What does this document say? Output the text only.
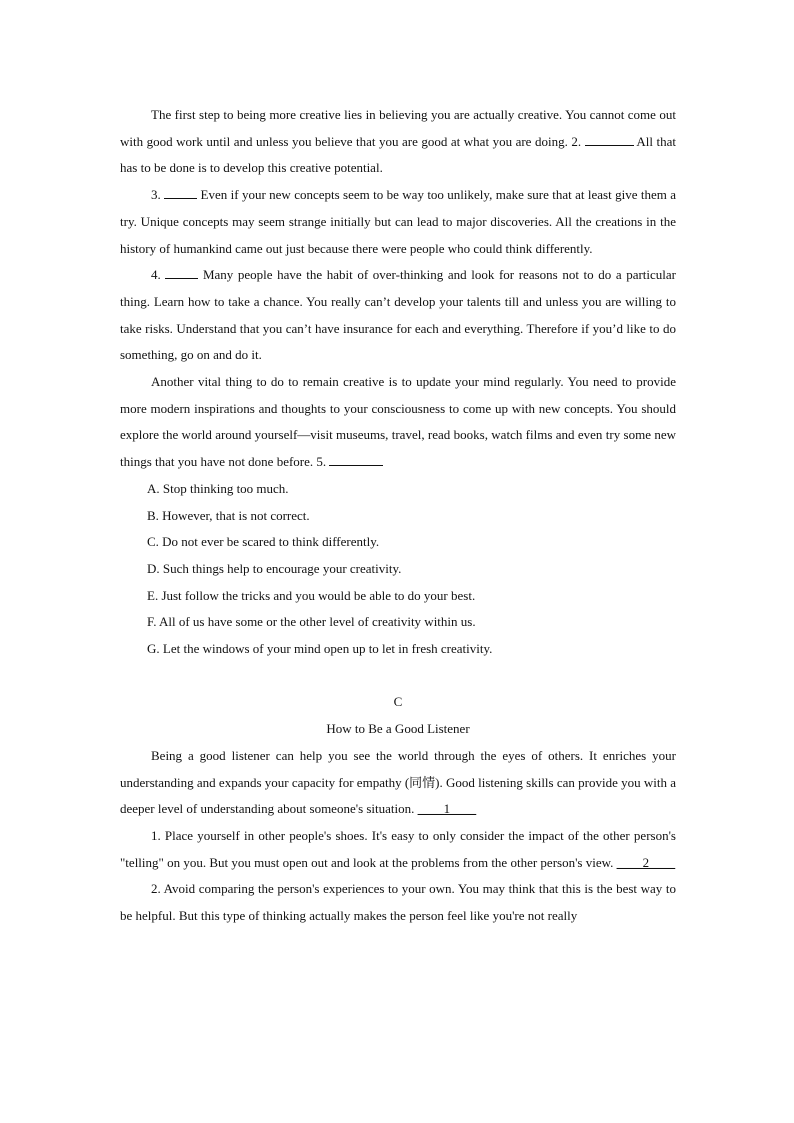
The first step to being more creative lies in believing you are actually creative. You cannot come out with good work until and unless you believe that you are good at what you are doing. 2.	All that has to be done is to develop this creative potential.

3.	Even if your new concepts seem to be way too unlikely, make sure that at least give them a try. Unique concepts may seem strange initially but can lead to major discoveries. All the creations in the history of humankind came out just because there were people who could think differently.

4.	Many people have the habit of over-thinking and look for reasons not to do a particular thing. Learn how to take a chance. You really can’t develop your talents till and unless you are willing to take risks. Understand that you can’t have insurance for each and everything. Therefore if you’d like to do something, go on and do it.

Another vital thing to do to remain creative is to update your mind regularly. You need to provide more modern inspirations and thoughts to your consciousness to come up with new concepts. You should explore the world around yourself—visit museums, travel, read books, watch films and even try some new things that you have not done before. 5.

A. Stop thinking too much.

B. However, that is not correct.

C. Do not ever be scared to think differently.

D. Such things help to encourage your creativity.

E. Just follow the tricks and you would be able to do your best.

F. All of us have some or the other level of creativity within us.

G. Let the windows of your mind open up to let in fresh creativity.

C

How to Be a Good Listener

Being a good listener can help you see the world through the eyes of others. It enriches your understanding and expands your capacity for empathy (同情). Good listening skills can provide you with a deeper level of understanding about someone's situation. ____1____

1. Place yourself in other people's shoes. It's easy to only consider the impact of the other person's "telling" on you. But you must open out and look at the problems from the other person's view. ____2____

2. Avoid comparing the person's experiences to your own. You may think that this is the best way to be helpful. But this type of thinking actually makes the person feel like you're not really
